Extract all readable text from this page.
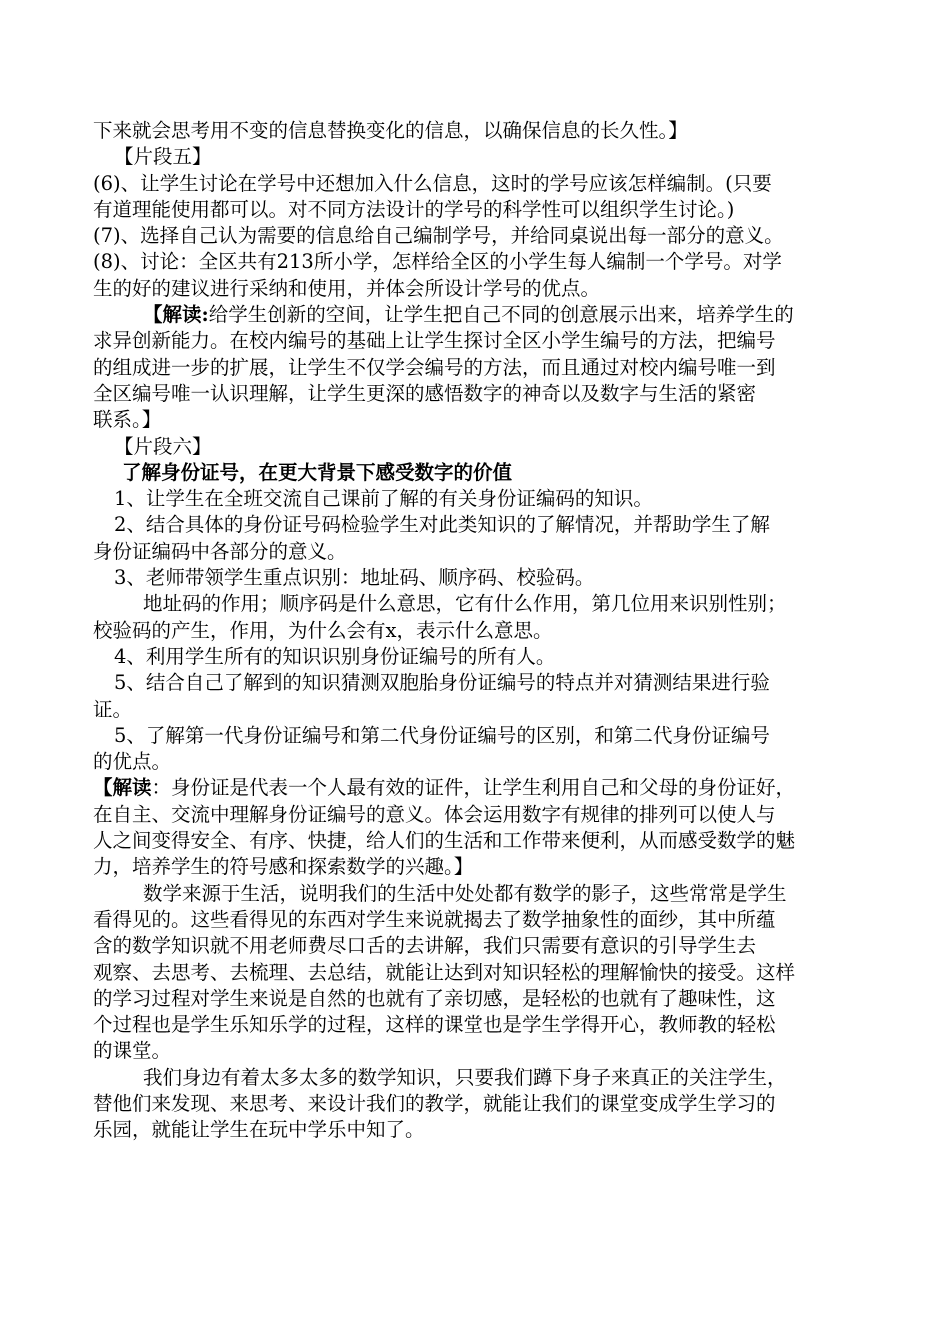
下来就会思考用不变的信息替换变化的信息，以确保信息的长久性。】
【片段五】
(6)、让学生讨论在学号中还想加入什么信息，这时的学号应该怎样编制。(只要
有道理能使用都可以。对不同方法设计的学号的科学性可以组织学生讨论。)
(7)、选择自己认为需要的信息给自己编制学号，并给同桌说出每一部分的意义。
(8)、讨论：全区共有213所小学，怎样给全区的小学生每人编制一个学号。对学
生的好的建议进行采纳和使用，并体会所设计学号的优点。
【解读:给学生创新的空间，让学生把自己不同的创意展示出来，培养学生的
求异创新能力。在校内编号的基础上让学生探讨全区小学生编号的方法，把编号
的组成进一步的扩展，让学生不仅学会编号的方法，而且通过对校内编号唯一到
全区编号唯一认识理解，让学生更深的感悟数字的神奇以及数字与生活的紧密
联系。】
【片段六】
了解身份证号，在更大背景下感受数字的价值
1、让学生在全班交流自己课前了解的有关身份证编码的知识。
2、结合具体的身份证号码检验学生对此类知识的了解情况，并帮助学生了解
身份证编码中各部分的意义。
3、老师带领学生重点识别：地址码、顺序码、校验码。
地址码的作用；顺序码是什么意思，它有什么作用，第几位用来识别性别；
校验码的产生，作用，为什么会有x，表示什么意思。
4、利用学生所有的知识识别身份证编号的所有人。
5、结合自己了解到的知识猜测双胞胎身份证编号的特点并对猜测结果进行验
证。
5、了解第一代身份证编号和第二代身份证编号的区别，和第二代身份证编号
的优点。
【解读：身份证是代表一个人最有效的证件，让学生利用自己和父母的身份证好，
在自主、交流中理解身份证编号的意义。体会运用数字有规律的排列可以使人与
人之间变得安全、有序、快捷，给人们的生活和工作带来便利，从而感受数学的魅
力，培养学生的符号感和探索数学的兴趣。】
数学来源于生活，说明我们的生活中处处都有数学的影子，这些常常是学生
看得见的。这些看得见的东西对学生来说就揭去了数学抽象性的面纱，其中所蕴
含的数学知识就不用老师费尽口舌的去讲解，我们只需要有意识的引导学生去
观察、去思考、去梳理、去总结，就能让达到对知识轻松的理解愉快的接受。这样
的学习过程对学生来说是自然的也就有了亲切感，是轻松的也就有了趣味性，这
个过程也是学生乐知乐学的过程，这样的课堂也是学生学得开心，教师教的轻松
的课堂。
我们身边有着太多太多的数学知识，只要我们蹲下身子来真正的关注学生，
替他们来发现、来思考、来设计我们的教学，就能让我们的课堂变成学生学习的
乐园，就能让学生在玩中学乐中知了。
